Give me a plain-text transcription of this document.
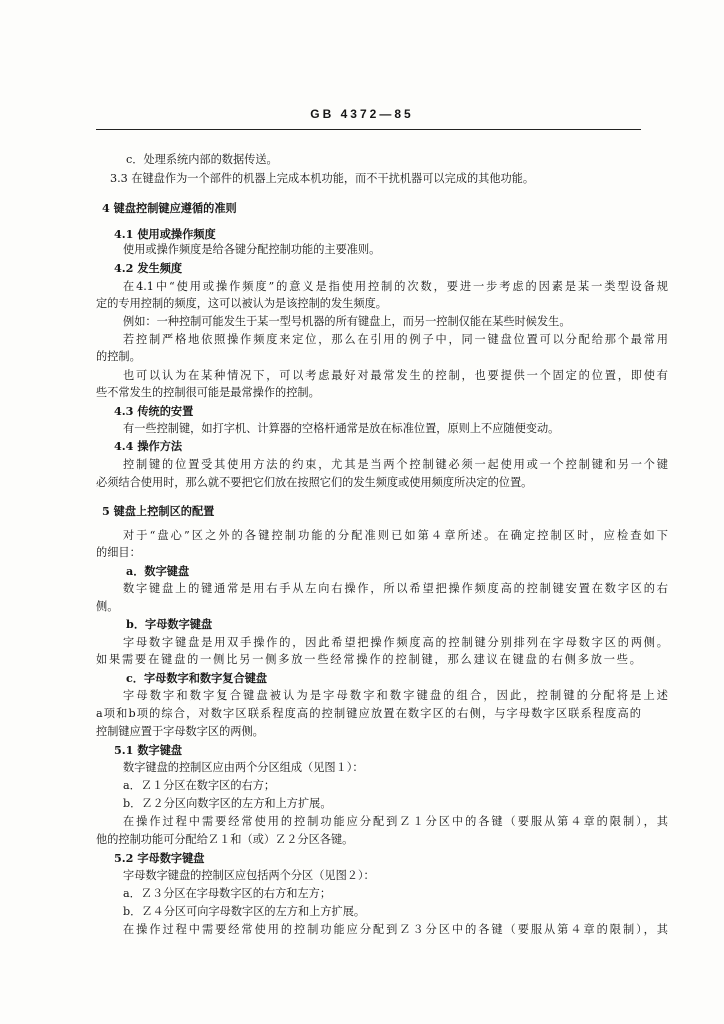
GB 4372—85
c．处理系统内部的数据传送。
3.3 在键盘作为一个部件的机器上完成本机功能，而不干扰机器可以完成的其他功能。
4 键盘控制键应遵循的准则
4.1 使用或操作频度
使用或操作频度是给各键分配控制功能的主要准则。
4.2 发生频度
在4.1中“使用或操作频度”的意义是指使用控制的次数，要进一步考虑的因素是某一类型设备规
定的专用控制的频度，这可以被认为是该控制的发生频度。
例如：一种控制可能发生于某一型号机器的所有键盘上，而另一控制仅能在某些时候发生。
若控制严格地依照操作频度来定位，那么在引用的例子中，同一键盘位置可以分配给那个最常用
的控制。
也可以认为在某种情况下，可以考虑最好对最常发生的控制，也要提供一个固定的位置，即使有
些不常发生的控制很可能是最常操作的控制。
4.3 传统的安置
有一些控制键，如打字机、计算器的空格杆通常是放在标准位置，原则上不应随便变动。
4.4 操作方法
控制键的位置受其使用方法的约束，尤其是当两个控制键必须一起使用或一个控制键和另一个键
必须结合使用时，那么就不要把它们放在按照它们的发生频度或使用频度所决定的位置。
5 键盘上控制区的配置
对于“盘心”区之外的各键控制功能的分配准则已如第４章所述。在确定控制区时，应检查如下
的细目：
a．数字键盘
数字键盘上的键通常是用右手从左向右操作，所以希望把操作频度高的控制键安置在数字区的右
侧。
b．字母数字键盘
字母数字键盘是用双手操作的，因此希望把操作频度高的控制键分别排列在字母数字区的两侧。
如果需要在键盘的一侧比另一侧多放一些经常操作的控制键，那么建议在键盘的右侧多放一些。
c．字母数字和数字复合键盘
字母数字和数字复合键盘被认为是字母数字和数字键盘的组合，因此，控制键的分配将是上述
a项和b项的综合，对数字区联系程度高的控制键应放置在数字区的右侧，与字母数字区联系程度高的
控制键应置于字母数字区的两侧。
5.1 数字键盘
数字键盘的控制区应由两个分区组成（见图１）：
a．Ｚ１分区在数字区的右方；
b．Ｚ２分区向数字区的左方和上方扩展。
在操作过程中需要经常使用的控制功能应分配到Ｚ１分区中的各键（要服从第４章的限制），其
他的控制功能可分配给Ｚ１和（或）Ｚ２分区各键。
5.2 字母数字键盘
字母数字键盘的控制区应包括两个分区（见图２）：
a．Ｚ３分区在字母数字区的右方和左方；
b．Ｚ４分区可向字母数字区的左方和上方扩展。
在操作过程中需要经常使用的控制功能应分配到Ｚ３分区中的各键（要服从第４章的限制），其
